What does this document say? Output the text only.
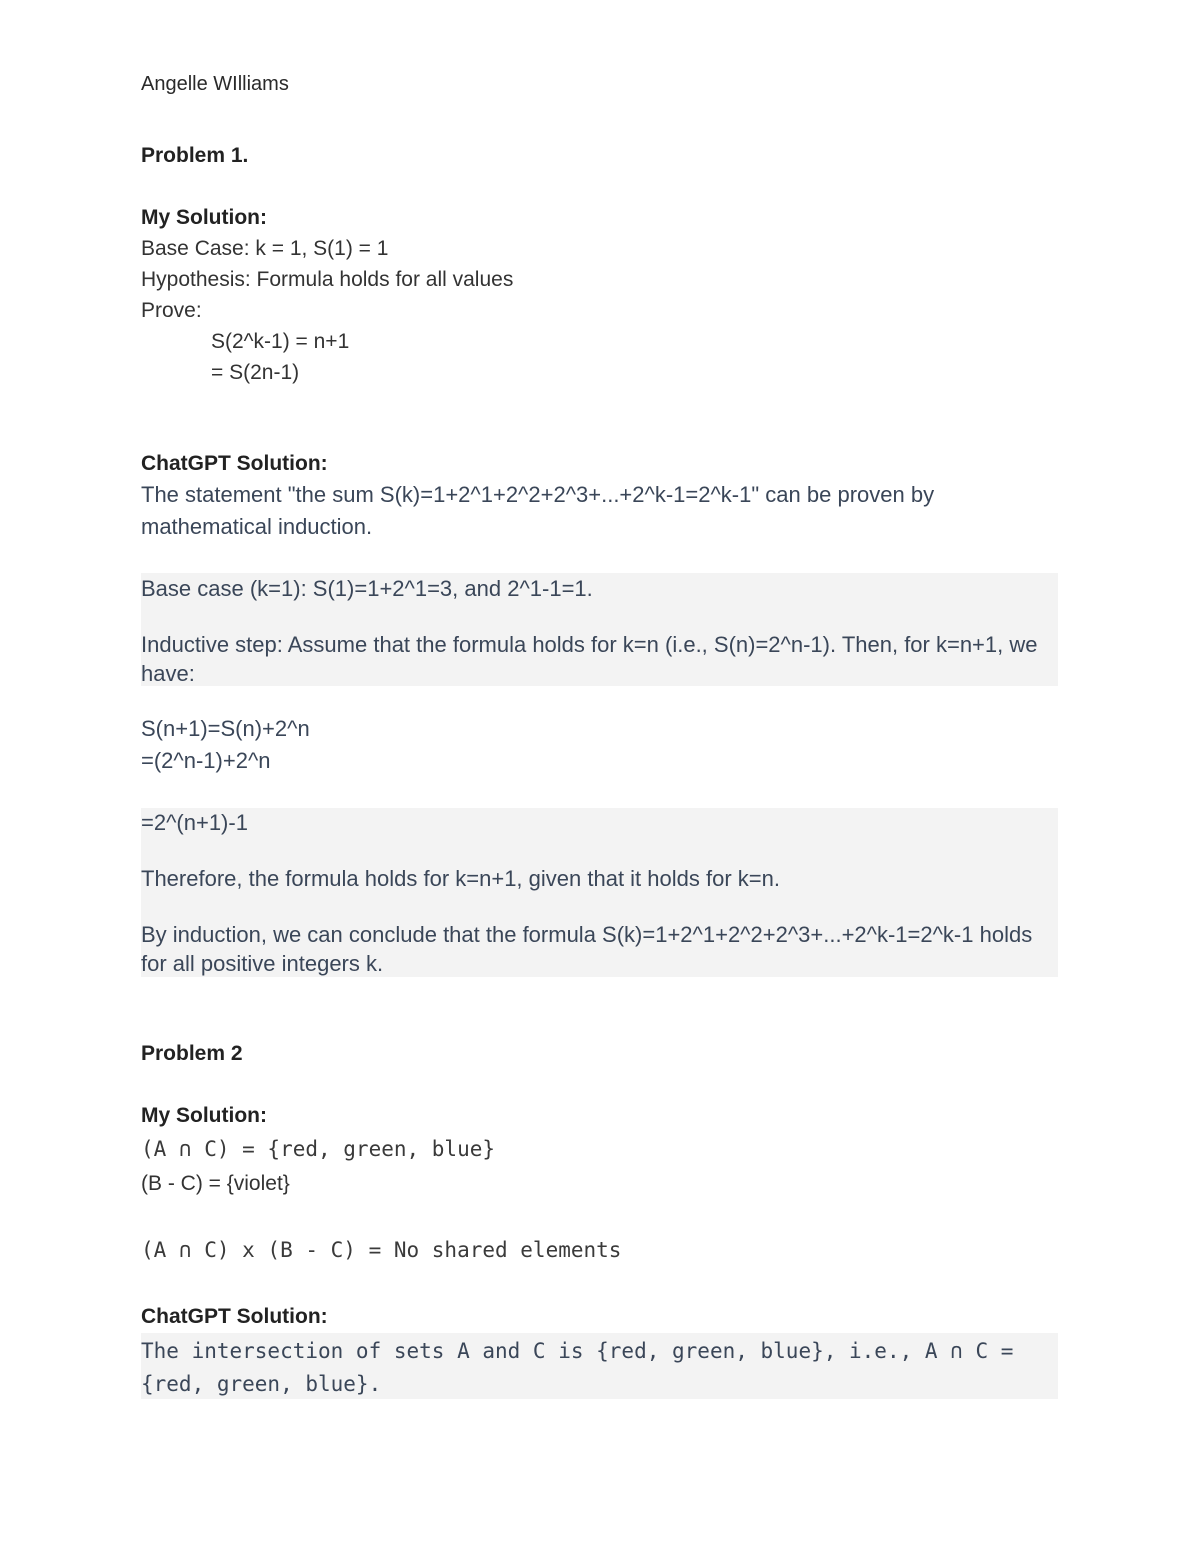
Angelle WIlliams
Problem 1.
My Solution:
Base Case: k = 1, S(1) = 1
Hypothesis: Formula holds for all values
Prove:
S(2^k-1) = n+1
= S(2n-1)
ChatGPT Solution:
The statement "the sum S(k)=1+2^1+2^2+2^3+...+2^k-1=2^k-1" can be proven by
mathematical induction.
Base case (k=1): S(1)=1+2^1=3, and 2^1-1=1.
Inductive step: Assume that the formula holds for k=n (i.e., S(n)=2^n-1). Then, for k=n+1, we have:
S(n+1)=S(n)+2^n
=(2^n-1)+2^n
=2^(n+1)-1
Therefore, the formula holds for k=n+1, given that it holds for k=n.
By induction, we can conclude that the formula S(k)=1+2^1+2^2+2^3+...+2^k-1=2^k-1 holds for all positive integers k.
Problem 2
My Solution:
(A ∩ C) = {red, green, blue}
(B - C) = {violet}
(A ∩ C) x (B - C) = No shared elements
ChatGPT Solution:
The intersection of sets A and C is {red, green, blue}, i.e., A ∩ C = {red, green, blue}.
